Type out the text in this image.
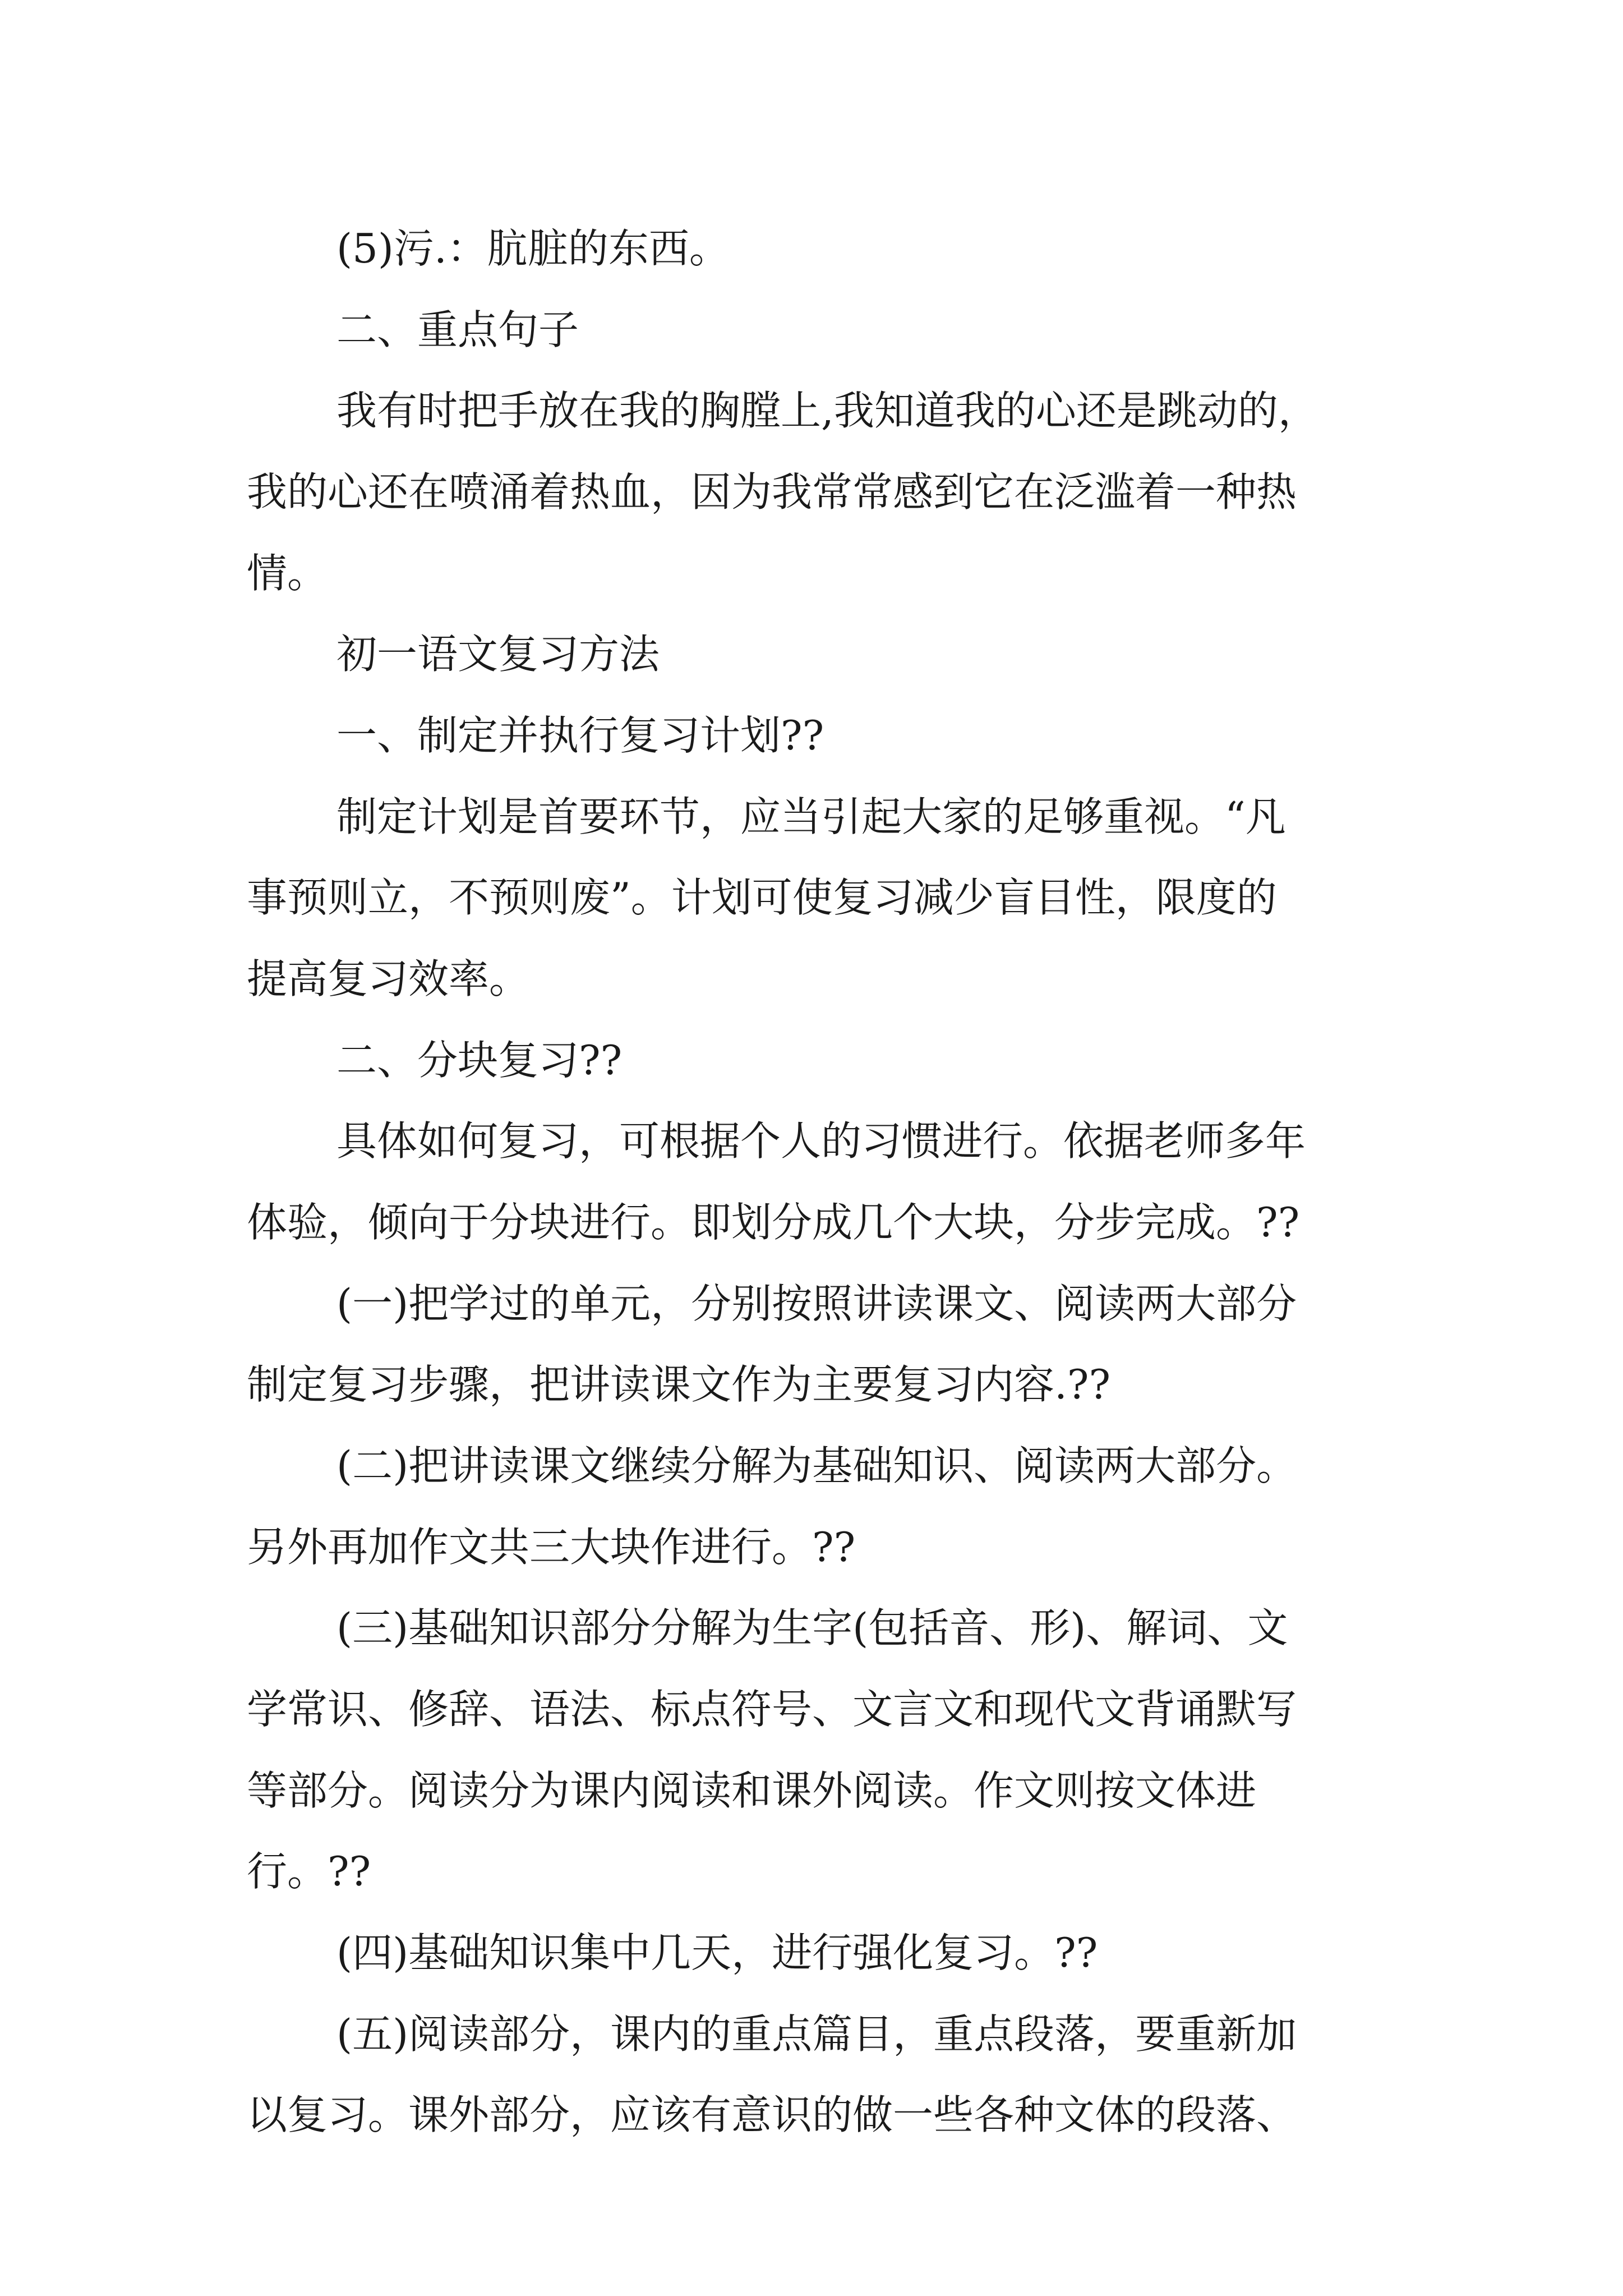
(5)污.：肮脏的东西。

二、重点句子

我有时把手放在我的胸膛上,我知道我的心还是跳动的，

我的心还在喷涌着热血，因为我常常感到它在泛滥着一种热

情。

初一语文复习方法

一、制定并执行复习计划??

制定计划是首要环节，应当引起大家的足够重视。“凡

事预则立，不预则废”。计划可使复习减少盲目性，限度的

提高复习效率。

二、分块复习??

具体如何复习，可根据个人的习惯进行。依据老师多年

体验，倾向于分块进行。即划分成几个大块，分步完成。??

(一)把学过的单元，分别按照讲读课文、阅读两大部分

制定复习步骤，把讲读课文作为主要复习内容.??

(二)把讲读课文继续分解为基础知识、阅读两大部分。

另外再加作文共三大块作进行。??

(三)基础知识部分分解为生字(包括音、形)、解词、文

学常识、修辞、语法、标点符号、文言文和现代文背诵默写

等部分。阅读分为课内阅读和课外阅读。作文则按文体进

行。??

(四)基础知识集中几天，进行强化复习。??

(五)阅读部分，课内的重点篇目，重点段落，要重新加

以复习。课外部分，应该有意识的做一些各种文体的段落、
